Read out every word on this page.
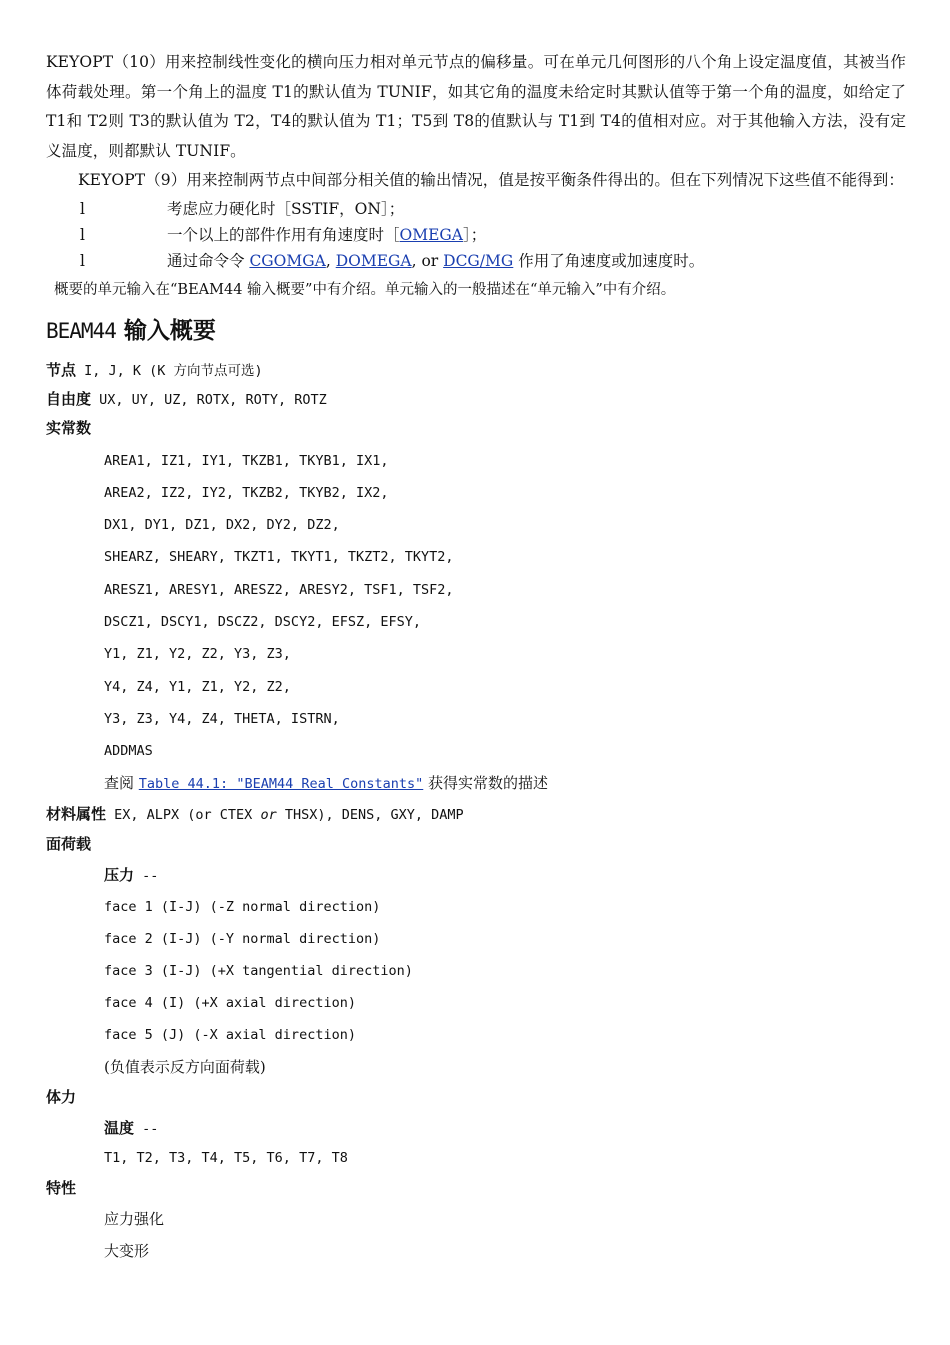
KEYOPT（10）用来控制线性变化的横向压力相对单元节点的偏移量。可在单元几何图形的八个角上设定温度值，其被当作体荷载处理。第一个角上的温度 T1的默认值为 TUNIF，如其它角的温度未给定时其默认值等于第一个角的温度，如给定了 T1和 T2则 T3的默认值为 T2，T4的默认值为 T1；T5到 T8的值默认与 T1到 T4的值相对应。对于其他输入方法，没有定义温度，则都默认 TUNIF。

KEYOPT（9）用来控制两节点中间部分相关值的输出情况，值是按平衡条件得出的。但在下列情况下这些值不能得到：

l	考虑应力硬化时［SSTIF，ON］；
l	一个以上的部件作用有角速度时［OMEGA］；
l	通过命令令 CGOMGA, DOMEGA, or DCG/MG 作用了角速度或加速度时。
概要的单元输入在“BEAM44 输入概要”中有介绍。单元输入的一般描述在“单元输入”中有介绍。
BEAM44 输入概要
节点 I, J, K (K 方向节点可选)
自由度 UX, UY, UZ, ROTX, ROTY, ROTZ
实常数
AREA1, IZ1, IY1, TKZB1, TKYB1, IX1,
AREA2, IZ2, IY2, TKZB2, TKYB2, IX2,
DX1, DY1, DZ1, DX2, DY2, DZ2,
SHEARZ, SHEARY, TKZT1, TKYT1, TKZT2, TKYT2,
ARESZ1, ARESY1, ARESZ2, ARESY2, TSF1, TSF2,
DSCZ1, DSCY1, DSCZ2, DSCY2, EFSZ, EFSY,
Y1, Z1, Y2, Z2, Y3, Z3,
Y4, Z4, Y1, Z1, Y2, Z2,
Y3, Z3, Y4, Z4, THETA, ISTRN,
ADDMAS
查阅 Table 44.1: "BEAM44 Real Constants" 获得实常数的描述
材料属性 EX, ALPX (or CTEX or THSX), DENS, GXY, DAMP
面荷载
压力 --
face 1 (I-J) (-Z normal direction)
face 2 (I-J) (-Y normal direction)
face 3 (I-J) (+X tangential direction)
face 4 (I) (+X axial direction)
face 5 (J) (-X axial direction)
(负值表示反方向面荷载)
体力
温度 --
T1, T2, T3, T4, T5, T6, T7, T8
特性
应力强化
大变形
